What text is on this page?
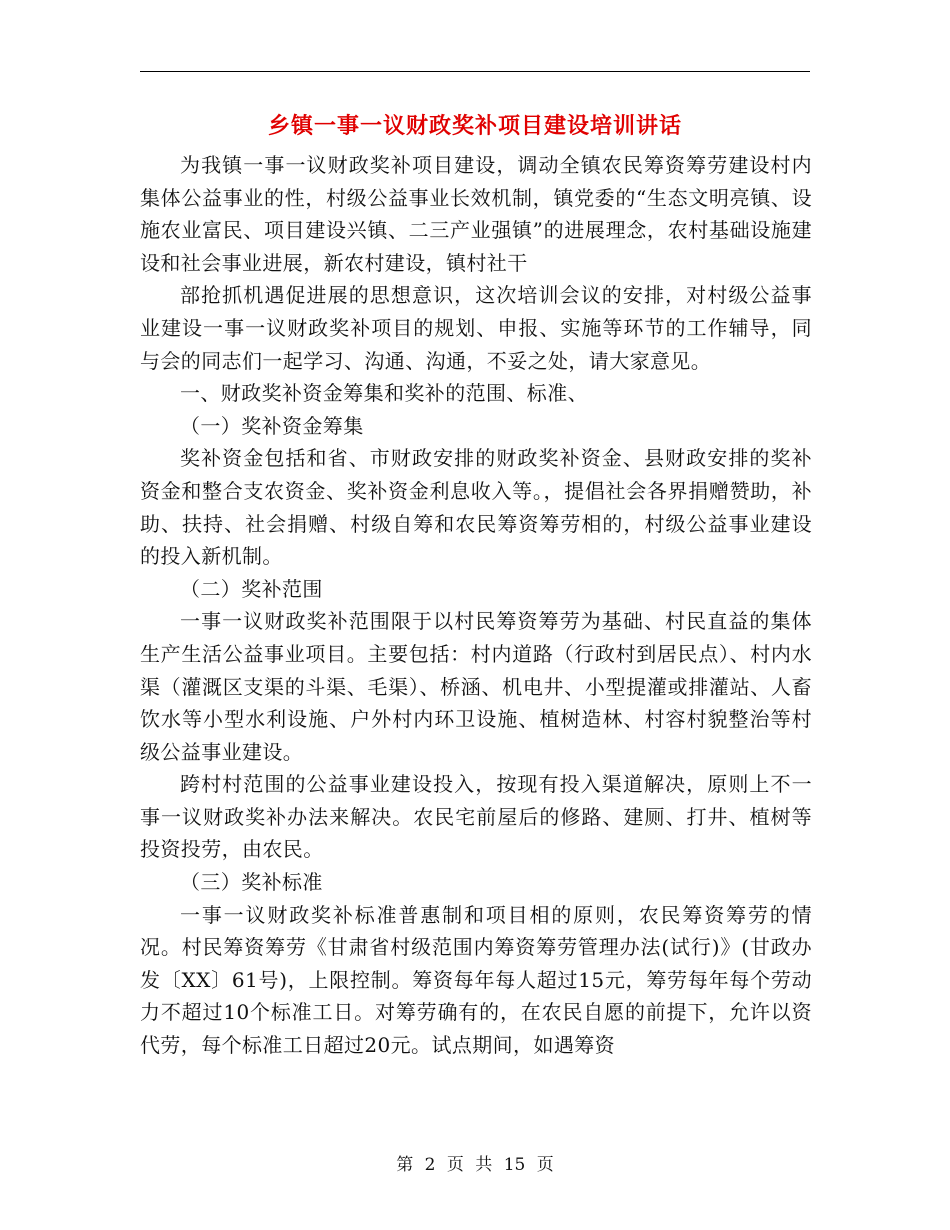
乡镇一事一议财政奖补项目建设培训讲话

为我镇一事一议财政奖补项目建设，调动全镇农民筹资筹劳建设村内集体公益事业的性，村级公益事业长效机制，镇党委的“生态文明亮镇、设施农业富民、项目建设兴镇、二三产业强镇”的进展理念，农村基础设施建设和社会事业进展，新农村建设，镇村社干

部抢抓机遇促进展的思想意识，这次培训会议的安排，对村级公益事业建设一事一议财政奖补项目的规划、申报、实施等环节的工作辅导，同与会的同志们一起学习、沟通、沟通，不妥之处，请大家意见。

一、财政奖补资金筹集和奖补的范围、标准、

（一）奖补资金筹集

奖补资金包括和省、市财政安排的财政奖补资金、县财政安排的奖补资金和整合支农资金、奖补资金利息收入等。，提倡社会各界捐赠赞助，补助、扶持、社会捐赠、村级自筹和农民筹资筹劳相的，村级公益事业建设的投入新机制。

（二）奖补范围

一事一议财政奖补范围限于以村民筹资筹劳为基础、村民直益的集体生产生活公益事业项目。主要包括：村内道路（行政村到居民点）、村内水渠（灌溉区支渠的斗渠、毛渠）、桥涵、机电井、小型提灌或排灌站、人畜饮水等小型水利设施、户外村内环卫设施、植树造林、村容村貌整治等村级公益事业建设。

跨村村范围的公益事业建设投入，按现有投入渠道解决，原则上不一事一议财政奖补办法来解决。农民宅前屋后的修路、建厕、打井、植树等投资投劳，由农民。

（三）奖补标准

一事一议财政奖补标准普惠制和项目相的原则，农民筹资筹劳的情况。村民筹资筹劳《甘肃省村级范围内筹资筹劳管理办法(试行)》(甘政办发〔XX〕61号)，上限控制。筹资每年每人超过15元，筹劳每年每个劳动力不超过10个标准工日。对筹劳确有的，在农民自愿的前提下，允许以资代劳，每个标准工日超过20元。试点期间，如遇筹资

第 2 页 共 15 页
